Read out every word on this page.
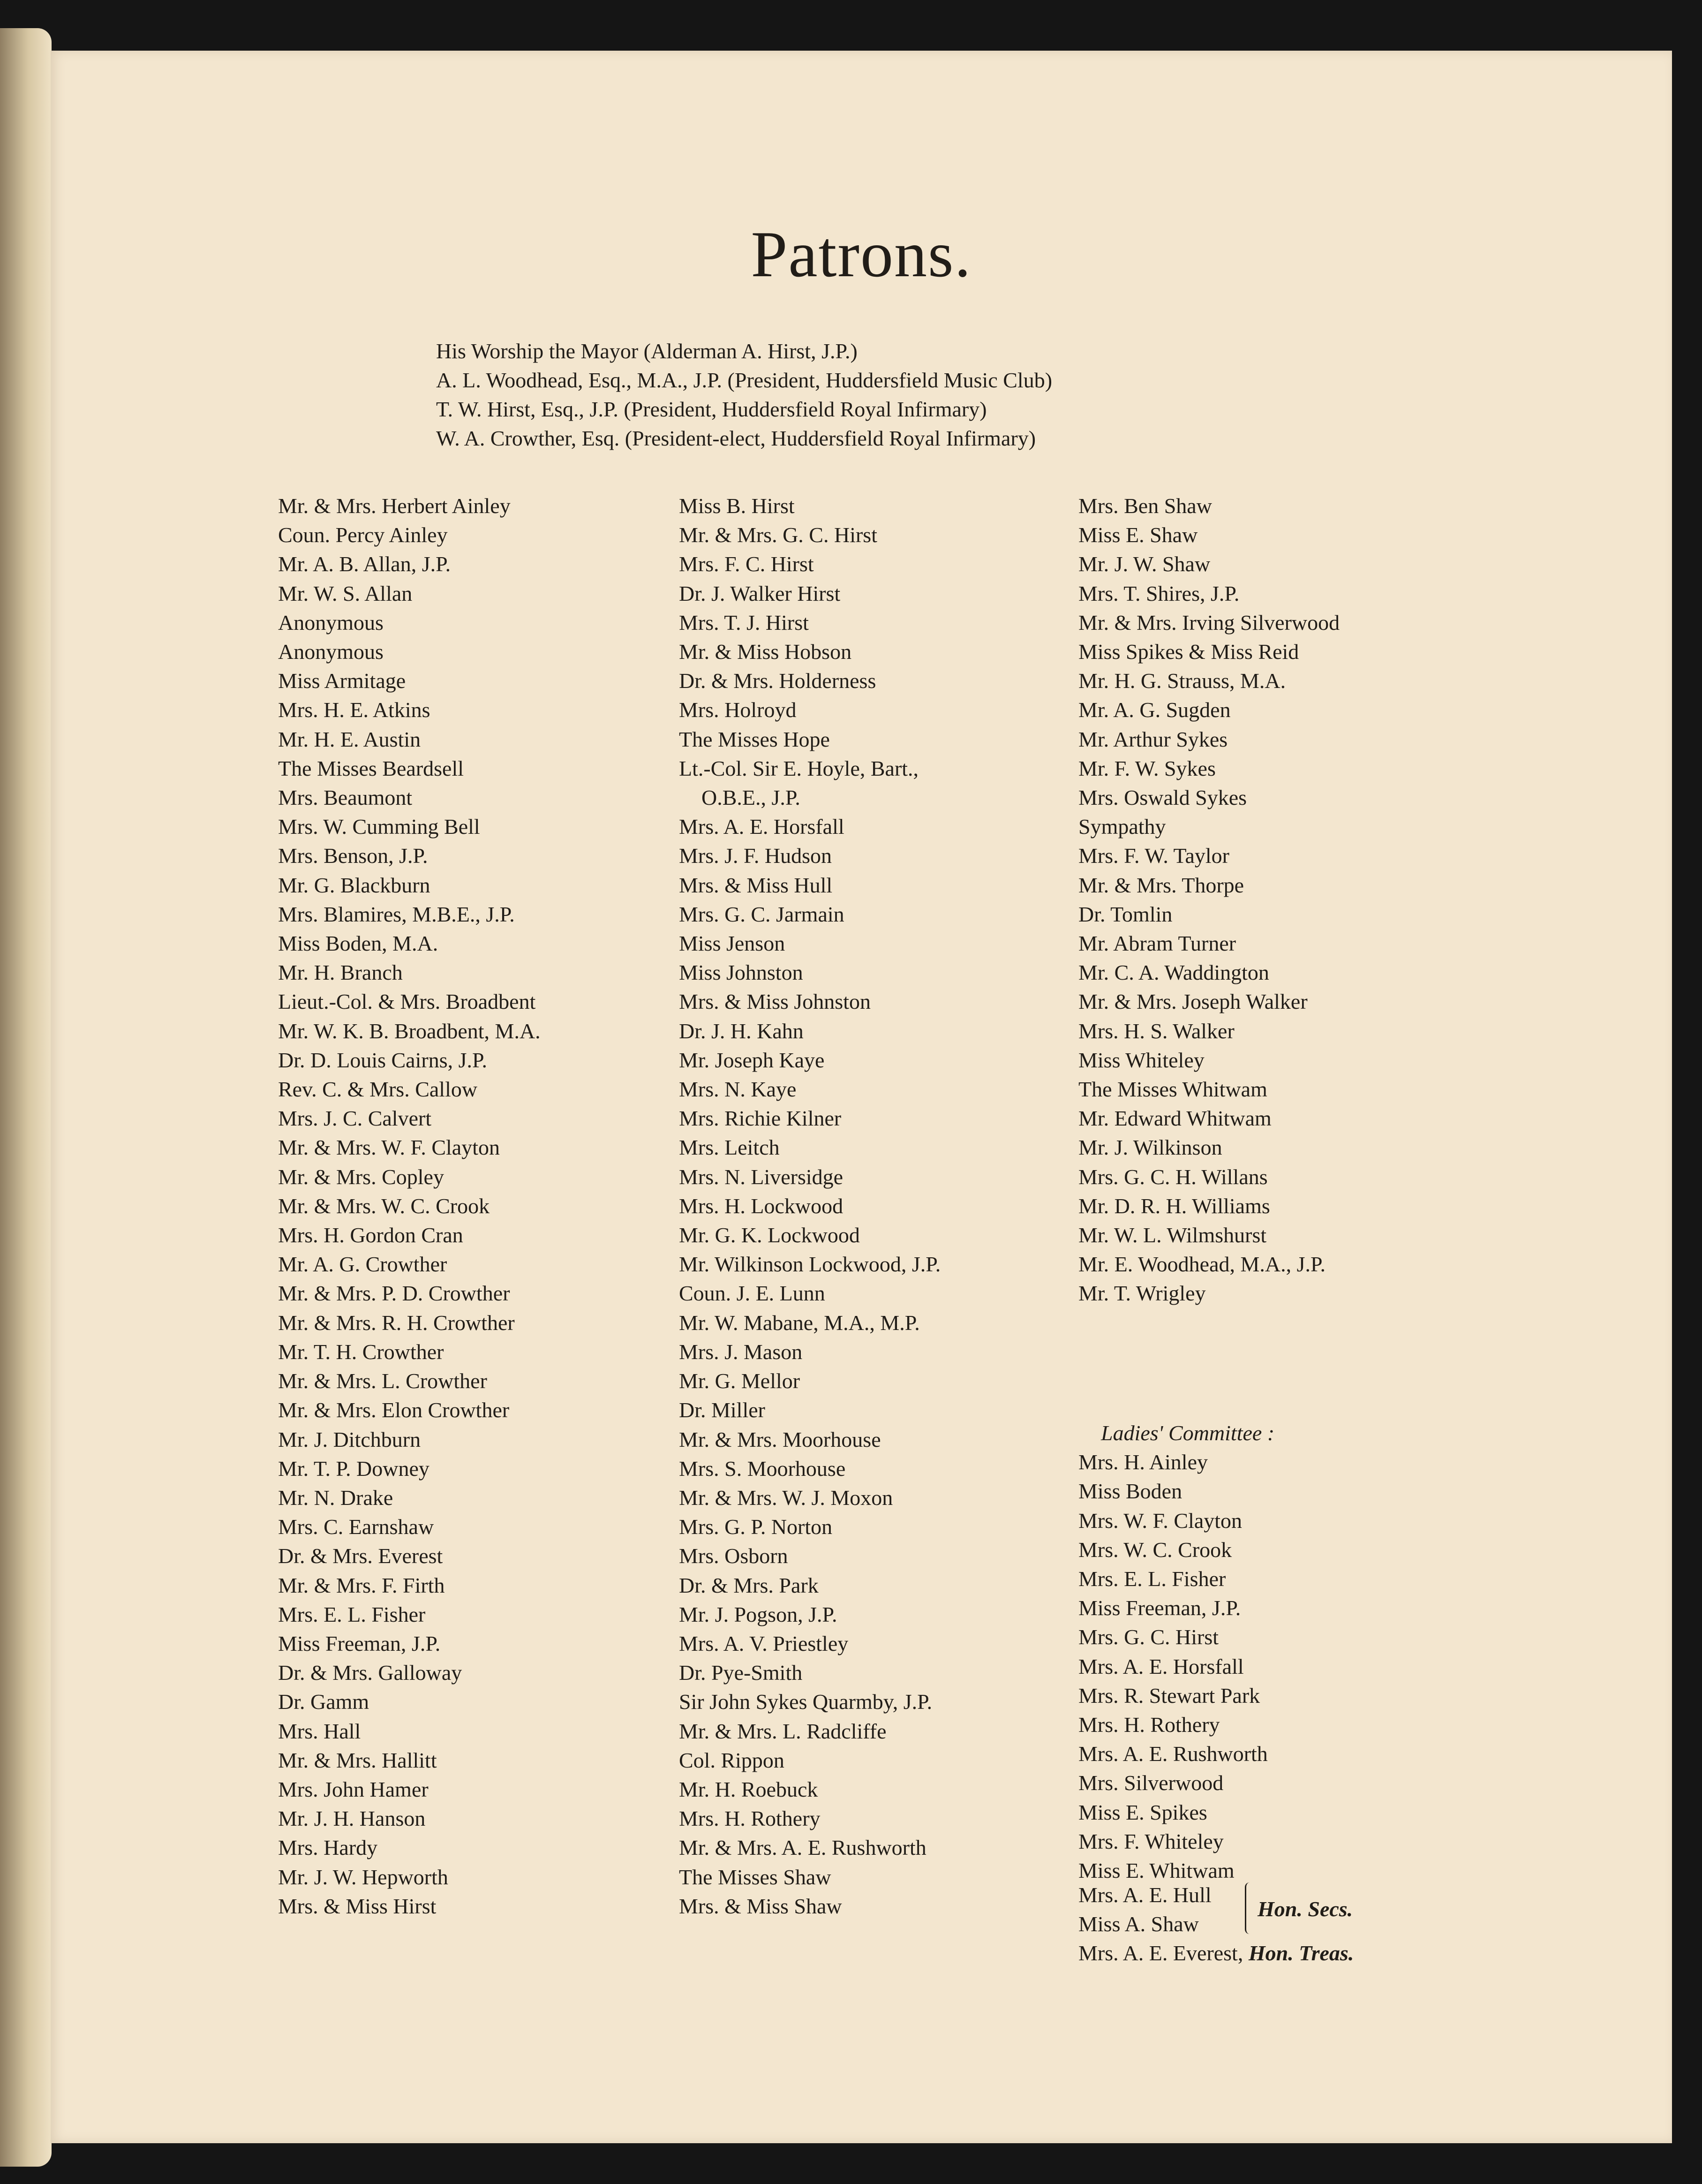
Patrons.
His Worship the Mayor (Alderman A. Hirst, J.P.)
A. L. Woodhead, Esq., M.A., J.P. (President, Huddersfield Music Club)
T. W. Hirst, Esq., J.P. (President, Huddersfield Royal Infirmary)
W. A. Crowther, Esq. (President-elect, Huddersfield Royal Infirmary)
Mr. & Mrs. Herbert Ainley
Coun. Percy Ainley
Mr. A. B. Allan, J.P.
Mr. W. S. Allan
Anonymous
Anonymous
Miss Armitage
Mrs. H. E. Atkins
Mr. H. E. Austin
The Misses Beardsell
Mrs. Beaumont
Mrs. W. Cumming Bell
Mrs. Benson, J.P.
Mr. G. Blackburn
Mrs. Blamires, M.B.E., J.P.
Miss Boden, M.A.
Mr. H. Branch
Lieut.-Col. & Mrs. Broadbent
Mr. W. K. B. Broadbent, M.A.
Dr. D. Louis Cairns, J.P.
Rev. C. & Mrs. Callow
Mrs. J. C. Calvert
Mr. & Mrs. W. F. Clayton
Mr. & Mrs. Copley
Mr. & Mrs. W. C. Crook
Mrs. H. Gordon Cran
Mr. A. G. Crowther
Mr. & Mrs. P. D. Crowther
Mr. & Mrs. R. H. Crowther
Mr. T. H. Crowther
Mr. & Mrs. L. Crowther
Mr. & Mrs. Elon Crowther
Mr. J. Ditchburn
Mr. T. P. Downey
Mr. N. Drake
Mrs. C. Earnshaw
Dr. & Mrs. Everest
Mr. & Mrs. F. Firth
Mrs. E. L. Fisher
Miss Freeman, J.P.
Dr. & Mrs. Galloway
Dr. Gamm
Mrs. Hall
Mr. & Mrs. Hallitt
Mrs. John Hamer
Mr. J. H. Hanson
Mrs. Hardy
Mr. J. W. Hepworth
Mrs. & Miss Hirst
Miss B. Hirst
Mr. & Mrs. G. C. Hirst
Mrs. F. C. Hirst
Dr. J. Walker Hirst
Mrs. T. J. Hirst
Mr. & Miss Hobson
Dr. & Mrs. Holderness
Mrs. Holroyd
The Misses Hope
Lt.-Col. Sir E. Hoyle, Bart.,
O.B.E., J.P.
Mrs. A. E. Horsfall
Mrs. J. F. Hudson
Mrs. & Miss Hull
Mrs. G. C. Jarmain
Miss Jenson
Miss Johnston
Mrs. & Miss Johnston
Dr. J. H. Kahn
Mr. Joseph Kaye
Mrs. N. Kaye
Mrs. Richie Kilner
Mrs. Leitch
Mrs. N. Liversidge
Mrs. H. Lockwood
Mr. G. K. Lockwood
Mr. Wilkinson Lockwood, J.P.
Coun. J. E. Lunn
Mr. W. Mabane, M.A., M.P.
Mrs. J. Mason
Mr. G. Mellor
Dr. Miller
Mr. & Mrs. Moorhouse
Mrs. S. Moorhouse
Mr. & Mrs. W. J. Moxon
Mrs. G. P. Norton
Mrs. Osborn
Dr. & Mrs. Park
Mr. J. Pogson, J.P.
Mrs. A. V. Priestley
Dr. Pye-Smith
Sir John Sykes Quarmby, J.P.
Mr. & Mrs. L. Radcliffe
Col. Rippon
Mr. H. Roebuck
Mrs. H. Rothery
Mr. & Mrs. A. E. Rushworth
The Misses Shaw
Mrs. & Miss Shaw
Mrs. Ben Shaw
Miss E. Shaw
Mr. J. W. Shaw
Mrs. T. Shires, J.P.
Mr. & Mrs. Irving Silverwood
Miss Spikes & Miss Reid
Mr. H. G. Strauss, M.A.
Mr. A. G. Sugden
Mr. Arthur Sykes
Mr. F. W. Sykes
Mrs. Oswald Sykes
Sympathy
Mrs. F. W. Taylor
Mr. & Mrs. Thorpe
Dr. Tomlin
Mr. Abram Turner
Mr. C. A. Waddington
Mr. & Mrs. Joseph Walker
Mrs. H. S. Walker
Miss Whiteley
The Misses Whitwam
Mr. Edward Whitwam
Mr. J. Wilkinson
Mrs. G. C. H. Willans
Mr. D. R. H. Williams
Mr. W. L. Wilmshurst
Mr. E. Woodhead, M.A., J.P.
Mr. T. Wrigley
Ladies' Committee :
Mrs. H. Ainley
Miss Boden
Mrs. W. F. Clayton
Mrs. W. C. Crook
Mrs. E. L. Fisher
Miss Freeman, J.P.
Mrs. G. C. Hirst
Mrs. A. E. Horsfall
Mrs. R. Stewart Park
Mrs. H. Rothery
Mrs. A. E. Rushworth
Mrs. Silverwood
Miss E. Spikes
Mrs. F. Whiteley
Miss E. Whitwam
Mrs. A. E. Hull
Miss A. Shaw
Hon. Secs.
Mrs. A. E. Everest, Hon. Treas.
